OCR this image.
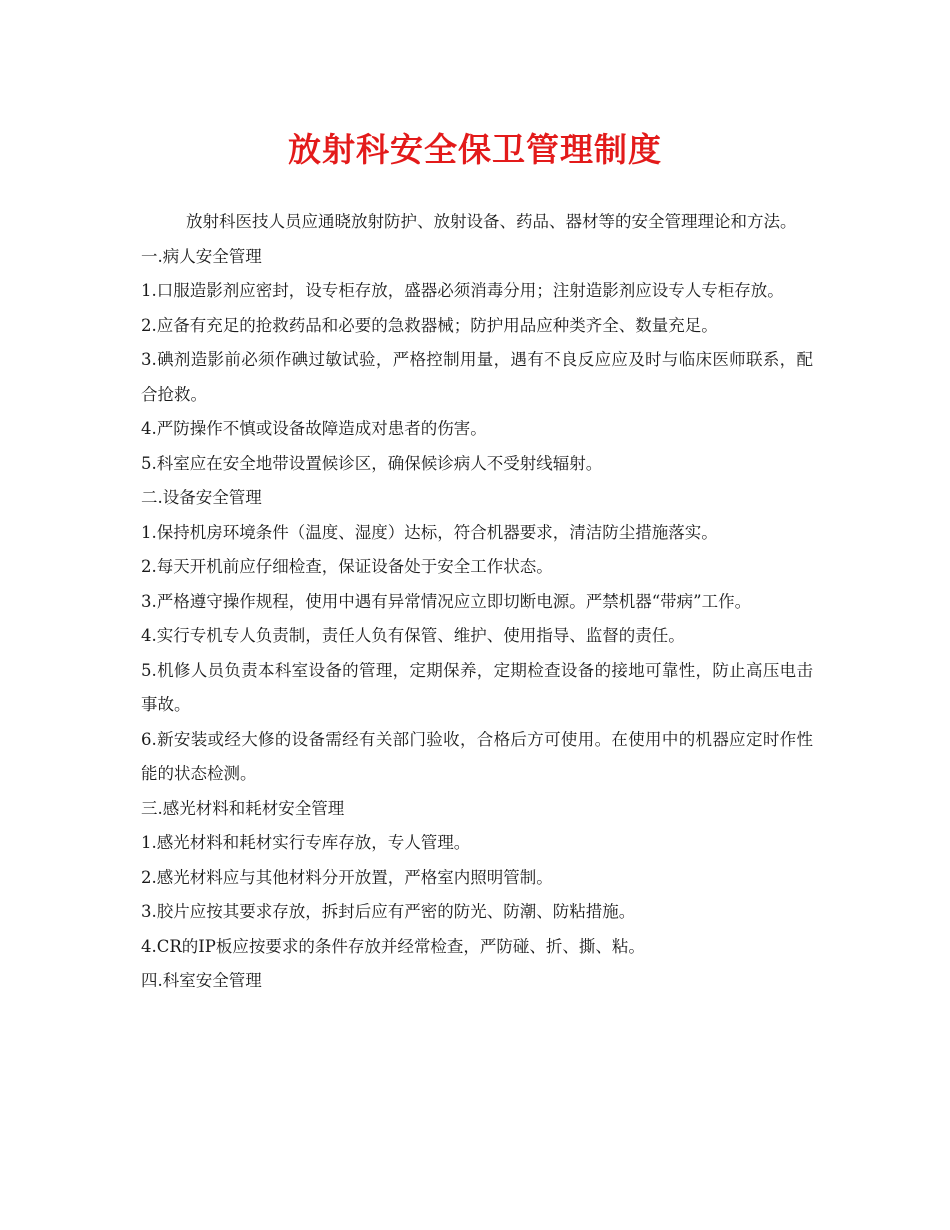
放射科安全保卫管理制度

放射科医技人员应通晓放射防护、放射设备、药品、器材等的安全管理理论和方法。

一.病人安全管理

1.口服造影剂应密封，设专柜存放，盛器必须消毒分用；注射造影剂应设专人专柜存放。

2.应备有充足的抢救药品和必要的急救器械；防护用品应种类齐全、数量充足。

3.碘剂造影前必须作碘过敏试验，严格控制用量，遇有不良反应应及时与临床医师联系，配合抢救。

4.严防操作不慎或设备故障造成对患者的伤害。

5.科室应在安全地带设置候诊区，确保候诊病人不受射线辐射。

二.设备安全管理

1.保持机房环境条件（温度、湿度）达标，符合机器要求，清洁防尘措施落实。

2.每天开机前应仔细检查，保证设备处于安全工作状态。

3.严格遵守操作规程，使用中遇有异常情况应立即切断电源。严禁机器“带病”工作。

4.实行专机专人负责制，责任人负有保管、维护、使用指导、监督的责任。

5.机修人员负责本科室设备的管理，定期保养，定期检查设备的接地可靠性，防止高压电击事故。

6.新安装或经大修的设备需经有关部门验收，合格后方可使用。在使用中的机器应定时作性能的状态检测。

三.感光材料和耗材安全管理

1.感光材料和耗材实行专库存放，专人管理。

2.感光材料应与其他材料分开放置，严格室内照明管制。

3.胶片应按其要求存放，拆封后应有严密的防光、防潮、防粘措施。

4.CR的IP板应按要求的条件存放并经常检查，严防碰、折、撕、粘。

四.科室安全管理
